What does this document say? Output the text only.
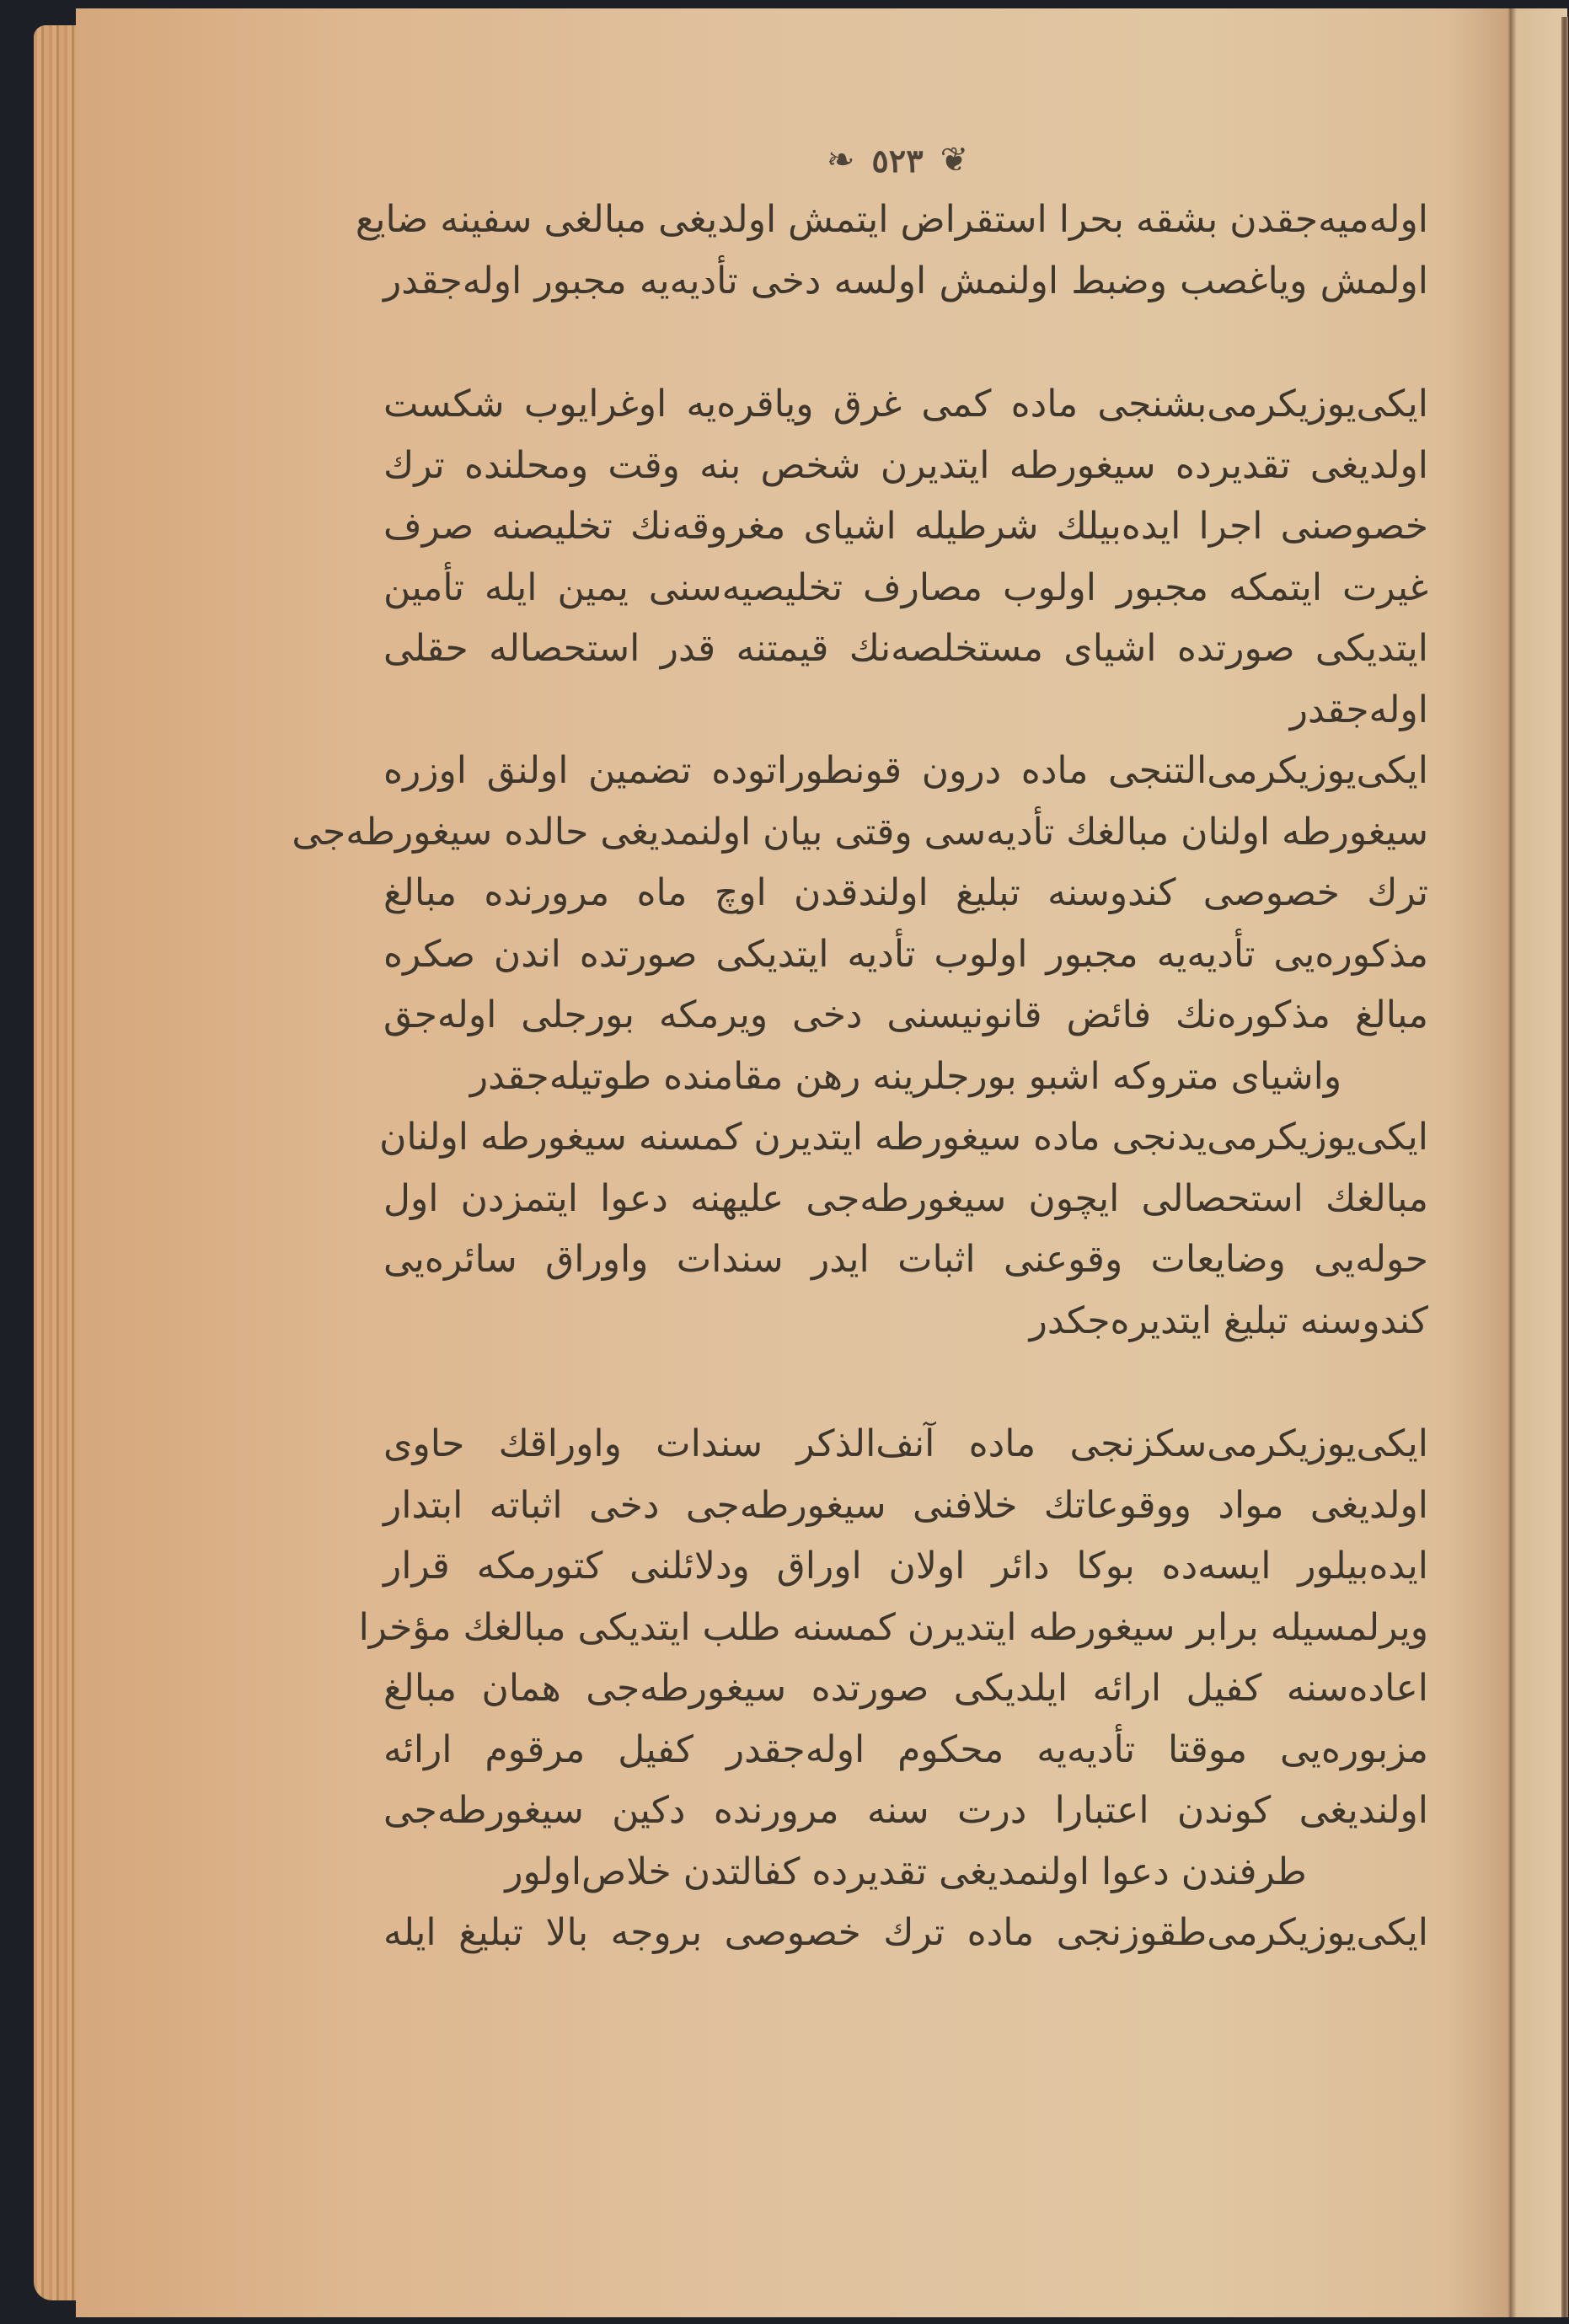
❧ ٥٢٣ ❦
اوله‌میه‌جقدن بشقه بحرا استقراض ایتمش اولدیغی مبالغی سفینه ضایع
اولمش ویاغصب وضبط اولنمش اولسه دخی تأدیه‌یه مجبور اوله‌جقدر
ایکی‌یوزیکرمی‌بشنجی ماده کمی غرق ویاقره‌یه اوغرایوب شکست
اولدیغی تقدیرده سیغورطه ایتدیرن شخص بنه وقت ومحلنده ترك
خصوصنی اجرا ایده‌بیلك شرطیله اشیای مغروقه‌نك تخلیصنه صرف
غیرت ایتمکه مجبور اولوب مصارف تخلیصیه‌سنی یمین ایله تأمین
ایتدیکی صورتده اشیای مستخلصه‌نك قیمتنه قدر استحصاله حقلی
اوله‌جقدر
ایکی‌یوزیکرمی‌التنجی ماده درون قونطوراتوده تضمین اولنق اوزره
سیغورطه اولنان مبالغك تأدیه‌سی وقتی بیان اولنمدیغی حالده سیغورطه‌جی
ترك خصوصی کندوسنه تبلیغ اولندقدن اوچ ماه مرورنده مبالغ
مذکوره‌یی تأدیه‌یه مجبور اولوب تأدیه ایتدیکی صورتده اندن صکره
مبالغ مذکوره‌نك فائض قانونیسنی دخی ویرمکه بورجلی اوله‌جق
واشیای متروکه اشبو بورجلرینه رهن مقامنده طوتیله‌جقدر
ایکی‌یوزیکرمی‌یدنجی ماده سیغورطه ایتدیرن کمسنه سیغورطه اولنان
مبالغك استحصالی ایچون سیغورطه‌جی علیهنه دعوا ایتمزدن اول
حوله‌یی وضایعات وقوعنی اثبات ایدر سندات واوراق سائره‌یی
کندوسنه تبلیغ ایتدیره‌جکدر
ایکی‌یوزیکرمی‌سکزنجی ماده آنف‌الذکر سندات واوراقك حاوی
اولدیغی مواد ووقوعاتك خلافنی سیغورطه‌جی دخی اثباته ابتدار
ایده‌بیلور ایسه‌ده بوکا دائر اولان اوراق ودلائلنی کتورمکه قرار
ویرلمسیله برابر سیغورطه ایتدیرن کمسنه طلب ایتدیکی مبالغك مؤخرا
اعاده‌سنه کفیل ارائه ایلدیکی صورتده سیغورطه‌جی همان مبالغ
مزبوره‌یی موقتا تأدیه‌یه محکوم اوله‌جقدر کفیل مرقوم ارائه
اولندیغی کوندن اعتبارا درت سنه مرورنده دکین سیغورطه‌جی
طرفندن دعوا اولنمدیغی تقدیرده کفالتدن خلاص‌اولور
ایکی‌یوزیکرمی‌طقوزنجی ماده ترك خصوصی بروجه بالا تبلیغ ایله
